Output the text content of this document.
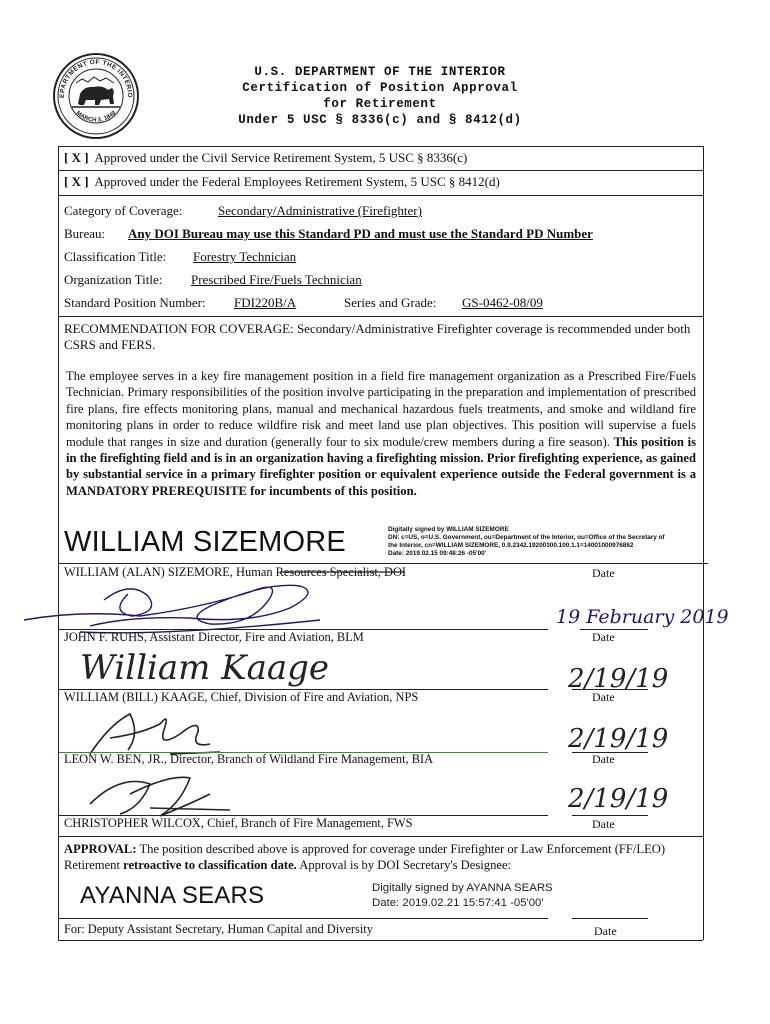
EPARTMENT OF THE INTERIO
MARCH 3, 1849
U.S. DEPARTMENT OF THE INTERIOR
Certification of Position Approval
for Retirement
Under 5 USC § 8336(c) and § 8412(d)
[ X ] Approved under the Civil Service Retirement System, 5 USC § 8336(c)
[ X ] Approved under the Federal Employees Retirement System, 5 USC § 8412(d)
Category of Coverage:	Secondary/Administrative (Firefighter)
Bureau: Any DOI Bureau may use this Standard PD and must use the Standard PD Number
Classification Title: Forestry Technician
Organization Title: Prescribed Fire/Fuels Technician
Standard Position Number: FDI220B/A	Series and Grade: GS-0462-08/09
RECOMMENDATION FOR COVERAGE: Secondary/Administrative Firefighter coverage is recommended under both CSRS and FERS.
The employee serves in a key fire management position in a field fire management organization as a Prescribed Fire/Fuels Technician. Primary responsibilities of the position involve participating in the preparation and implementation of prescribed fire plans, fire effects monitoring plans, manual and mechanical hazardous fuels treatments, and smoke and wildland fire monitoring plans in order to reduce wildfire risk and meet land use plan objectives. This position will supervise a fuels module that ranges in size and duration (generally four to six module/crew members during a fire season). This position is in the firefighting field and is in an organization having a firefighting mission. Prior firefighting experience, as gained by substantial service in a primary firefighter position or equivalent experience outside the Federal government is a MANDATORY PREREQUISITE for incumbents of this position.
WILLIAM SIZEMORE	Digitally signed by WILLIAM SIZEMORE
DN: c=US, o=U.S. Government, ou=Department of the Interior, ou=Office of the Secretary of
the Interior, cn=WILLIAM SIZEMORE, 0.9.2342.19200300.100.1.1=14001000976862
Date: 2019.02.15 09:48:26 -05'00'
WILLIAM (ALAN) SIZEMORE, Human Resources Specialist, DOI	Date
19 February 2019
JOHN F. RUHS, Assistant Director, Fire and Aviation, BLM	Date
William Kaage	2/19/19
WILLIAM (BILL) KAAGE, Chief, Division of Fire and Aviation, NPS	Date
2/19/19
LEON W. BEN, JR., Director, Branch of Wildland Fire Management, BIA	Date
2/19/19
CHRISTOPHER WILCOX, Chief, Branch of Fire Management, FWS	Date
APPROVAL: The position described above is approved for coverage under Firefighter or Law Enforcement (FF/LEO) Retirement retroactive to classification date. Approval is by DOI Secretary's Designee:
AYANNA SEARS	Digitally signed by AYANNA SEARS
Date: 2019.02.21 15:57:41 -05'00'
For: Deputy Assistant Secretary, Human Capital and Diversity	Date
